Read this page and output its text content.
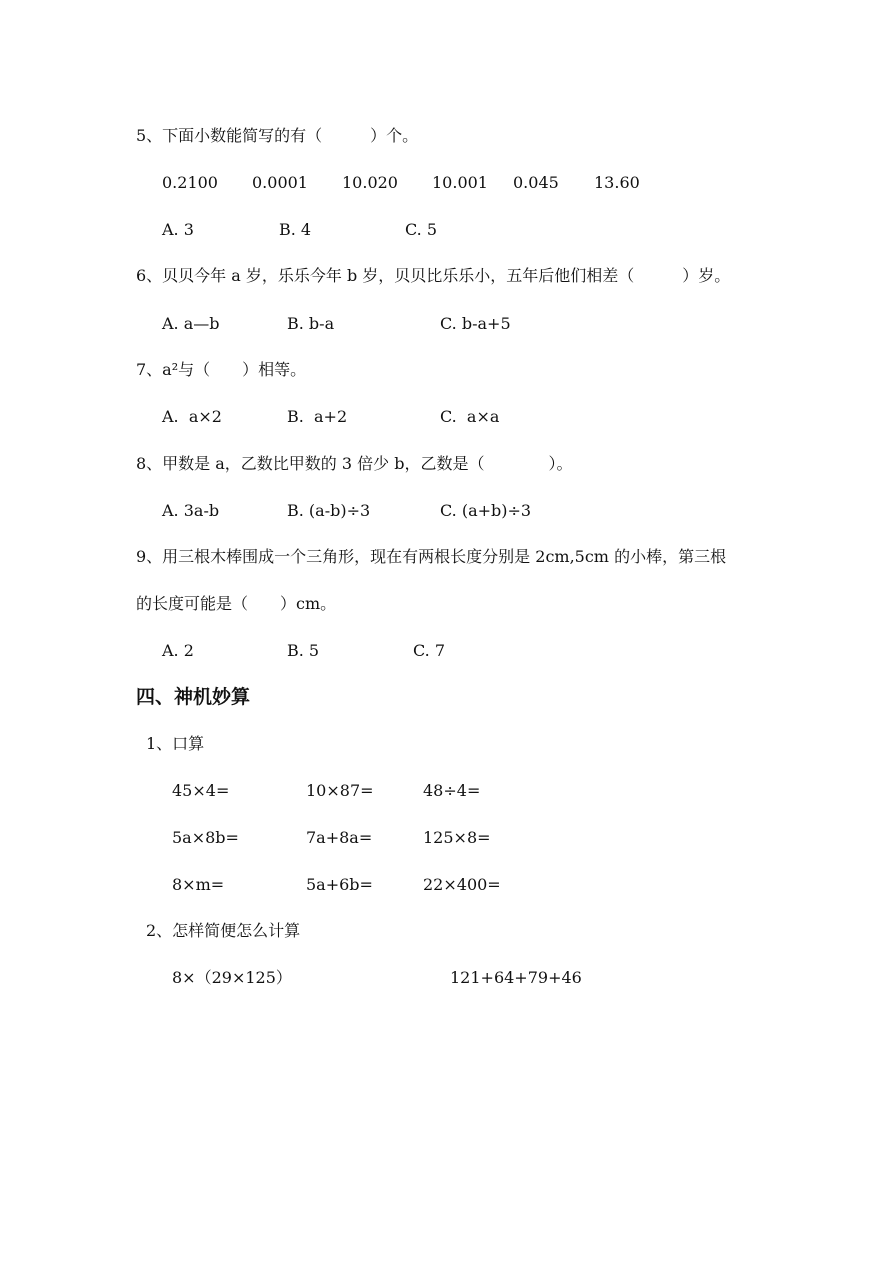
5、下面小数能简写的有（　　　）个。
0.2100 0.0001 10.020 10.001 0.045 13.60
A. 3	B. 4	C. 5
6、贝贝今年 a 岁，乐乐今年 b 岁，贝贝比乐乐小，五年后他们相差（　　　）岁。
A. a—b	B. b-a	C. b-a+5
7、a²与（　　）相等。
A.  a×2	B.  a+2	C.  a×a
8、甲数是 a，乙数比甲数的 3 倍少 b，乙数是（　　　　）。
A. 3a-b	B. (a-b)÷3	C. (a+b)÷3
9、用三根木棒围成一个三角形，现在有两根长度分别是 2cm,5cm 的小棒，第三根
的长度可能是（　　）cm。
A. 2	B. 5	C. 7
四、神机妙算
1、口算
45×4=	10×87=	48÷4=
5a×8b=	7a+8a=	125×8=
8×m=	5a+6b=	22×400=
2、怎样简便怎么计算
8×（29×125）	121+64+79+46
